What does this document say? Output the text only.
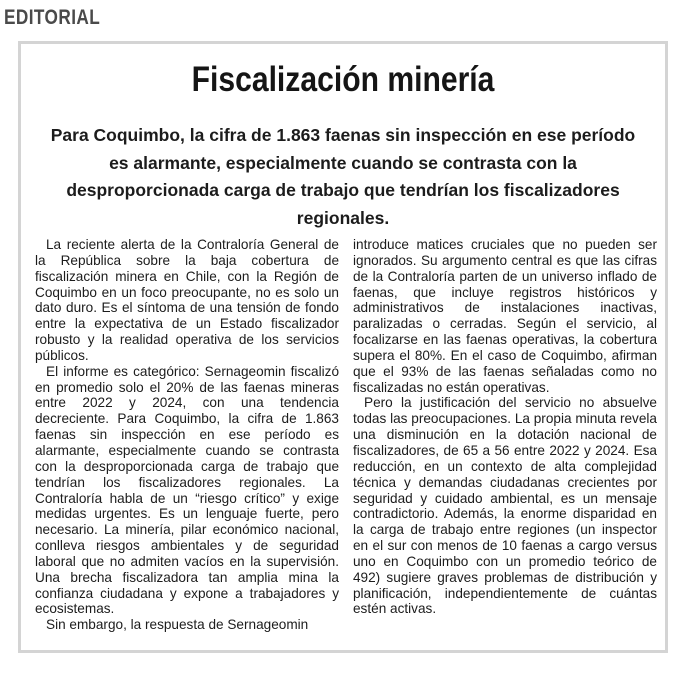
EDITORIAL
Fiscalización minería
Para Coquimbo, la cifra de 1.863 faenas sin inspección en ese período es alarmante, especialmente cuando se contrasta con la desproporcionada carga de trabajo que tendrían los fiscalizadores regionales.

La reciente alerta de la Contraloría General de la República sobre la baja cobertura de fiscalización minera en Chile, con la Región de Coquimbo en un foco preocupante, no es solo un dato duro. Es el síntoma de una tensión de fondo entre la expectativa de un Estado fiscalizador robusto y la realidad operativa de los servicios públicos.

El informe es categórico: Sernageomin fiscalizó en promedio solo el 20% de las faenas mineras entre 2022 y 2024, con una tendencia decreciente. Para Coquimbo, la cifra de 1.863 faenas sin inspección en ese período es alarmante, especialmente cuando se contrasta con la desproporcionada carga de trabajo que tendrían los fiscalizadores regionales. La Contraloría habla de un “riesgo crítico” y exige medidas urgentes. Es un lenguaje fuerte, pero necesario. La minería, pilar económico nacional, conlleva riesgos ambientales y de seguridad laboral que no admiten vacíos en la supervisión. Una brecha fiscalizadora tan amplia mina la confianza ciudadana y expone a trabajadores y ecosistemas.

Sin embargo, la respuesta de Sernageomin

introduce matices cruciales que no pueden ser ignorados. Su argumento central es que las cifras de la Contraloría parten de un universo inflado de faenas, que incluye registros históricos y administrativos de instalaciones inactivas, paralizadas o cerradas. Según el servicio, al focalizarse en las faenas operativas, la cobertura supera el 80%. En el caso de Coquimbo, afirman que el 93% de las faenas señaladas como no fiscalizadas no están operativas.

Pero la justificación del servicio no absuelve todas las preocupaciones. La propia minuta revela una disminución en la dotación nacional de fiscalizadores, de 65 a 56 entre 2022 y 2024. Esa reducción, en un contexto de alta complejidad técnica y demandas ciudadanas crecientes por seguridad y cuidado ambiental, es un mensaje contradictorio. Además, la enorme disparidad en la carga de trabajo entre regiones (un inspector en el sur con menos de 10 faenas a cargo versus uno en Coquimbo con un promedio teórico de 492) sugiere graves problemas de distribución y planificación, independientemente de cuántas estén activas.
